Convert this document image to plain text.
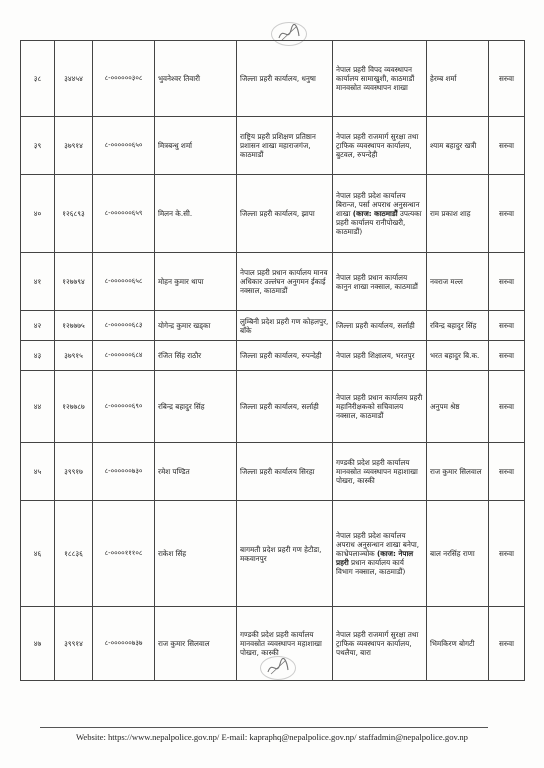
३८	३४४५४	८-००००००३०८	भुवनेश्वर तिवारी	जिल्ला प्रहरी कार्यालय, धनुषा	नेपाल प्रहरी विपद व्यवस्थापन कार्यालय सामाखुशी, काठमाडौं मानवस्रोत व्यवस्थापन शाखा	हेरम्ब शर्मा	सरुवा
३९	३७९१४	८-००००००६५०	मित्रबन्धु शर्मा	राष्ट्रिय प्रहरी प्रशिक्षण प्रतिष्ठान प्रशासन शाखा महाराजगंज, काठमाडौं	नेपाल प्रहरी राजमार्ग सुरक्षा तथा ट्राफिक व्यवस्थापन कार्यालय, बुटवल, रुपन्देही	श्याम बहादुर खत्री	सरुवा
४०	१२६८९३	८-००००००६५९	मिलन के.सी.	जिल्ला प्रहरी कार्यालय, झापा	नेपाल प्रहरी प्रदेश कार्यालय बिरान्ज, पर्सा अपराध अनुसन्धान शाखा (काज: काठमाडौं उपत्यका प्रहरी कार्यालय रानीपोखरी, काठमाडौं)	राम प्रकाश शाह	सरुवा
४१	१२७७९४	८-००००००६५८	मोहन कुमार थापा	नेपाल प्रहरी प्रधान कार्यालय मानव अधिकार उल्लंघन अनुगमन ईकाई नक्साल, काठमाडौं	नेपाल प्रहरी प्रधान कार्यालय कानुन शाखा नक्साल, काठमाडौं	नवराज मल्ल	सरुवा
४२	१२७७७५	८-००००००६८३	योगेन्द्र कुमार खड्का	लुम्बिनी प्रदेश प्रहरी गण कोहलपुर, बाँके	जिल्ला प्रहरी कार्यालय, सर्लाही	रविन्द्र बहादुर सिंह	सरुवा
४३	३७९१५	८-००००००६८४	रंजित सिंह राठौर	जिल्ला प्रहरी कार्यालय, रुपन्देही	नेपाल प्रहरी शिक्षालय, भरतपुर	भरत बहादुर बि.क.	सरुवा
४४	१२७७८७	८-००००००६९०	रबिन्द्र बहादुर सिंह	जिल्ला प्रहरी कार्यालय, सर्लाही	नेपाल प्रहरी प्रधान कार्यालय प्रहरी महानिरीक्षकको सचिवालय नक्साल, काठमाडौं	अनुपम श्रेष्ठ	सरुवा
४५	३९९१७	८-००००००७३०	रमेश पण्डित	जिल्ला प्रहरी कार्यालय सिरहा	गण्डकी प्रदेश प्रहरी कार्यालय मानवस्रोत व्यवस्थापन महाशाखा पोखरा, कास्की	राज कुमार सिलवाल	सरुवा
४६	१८८३६	८-००००१११०८	राकेश सिंह	बागमती प्रदेश प्रहरी गण हेटौडा, मकवानपुर	नेपाल प्रहरी प्रदेश कार्यालय अपराध अनुसन्धान शाखा बनेपा, काभ्रेपलाञ्चोक (काज: नेपाल प्रहरी प्रधान कार्यालय कार्य विभाग नक्साल, काठमाडौं)	बाल नरसिंह राणा	सरुवा
४७	३९९१४	८-००००००७३७	राज कुमार सिलवाल	गण्डकी प्रदेश प्रहरी कार्यालय मानवस्रोत व्यवस्थापन महाशाखा पोखरा, कास्की	नेपाल प्रहरी राजमार्ग सुरक्षा तथा ट्राफिक व्यवस्थापन कार्यालय, पथलैया, बारा	भिमकिरण बोगटी	सरुवा
Website: https://www.nepalpolice.gov.np/ E-mail: kapraphq@nepalpolice.gov.np/ staffadmin@nepalpolice.gov.np
